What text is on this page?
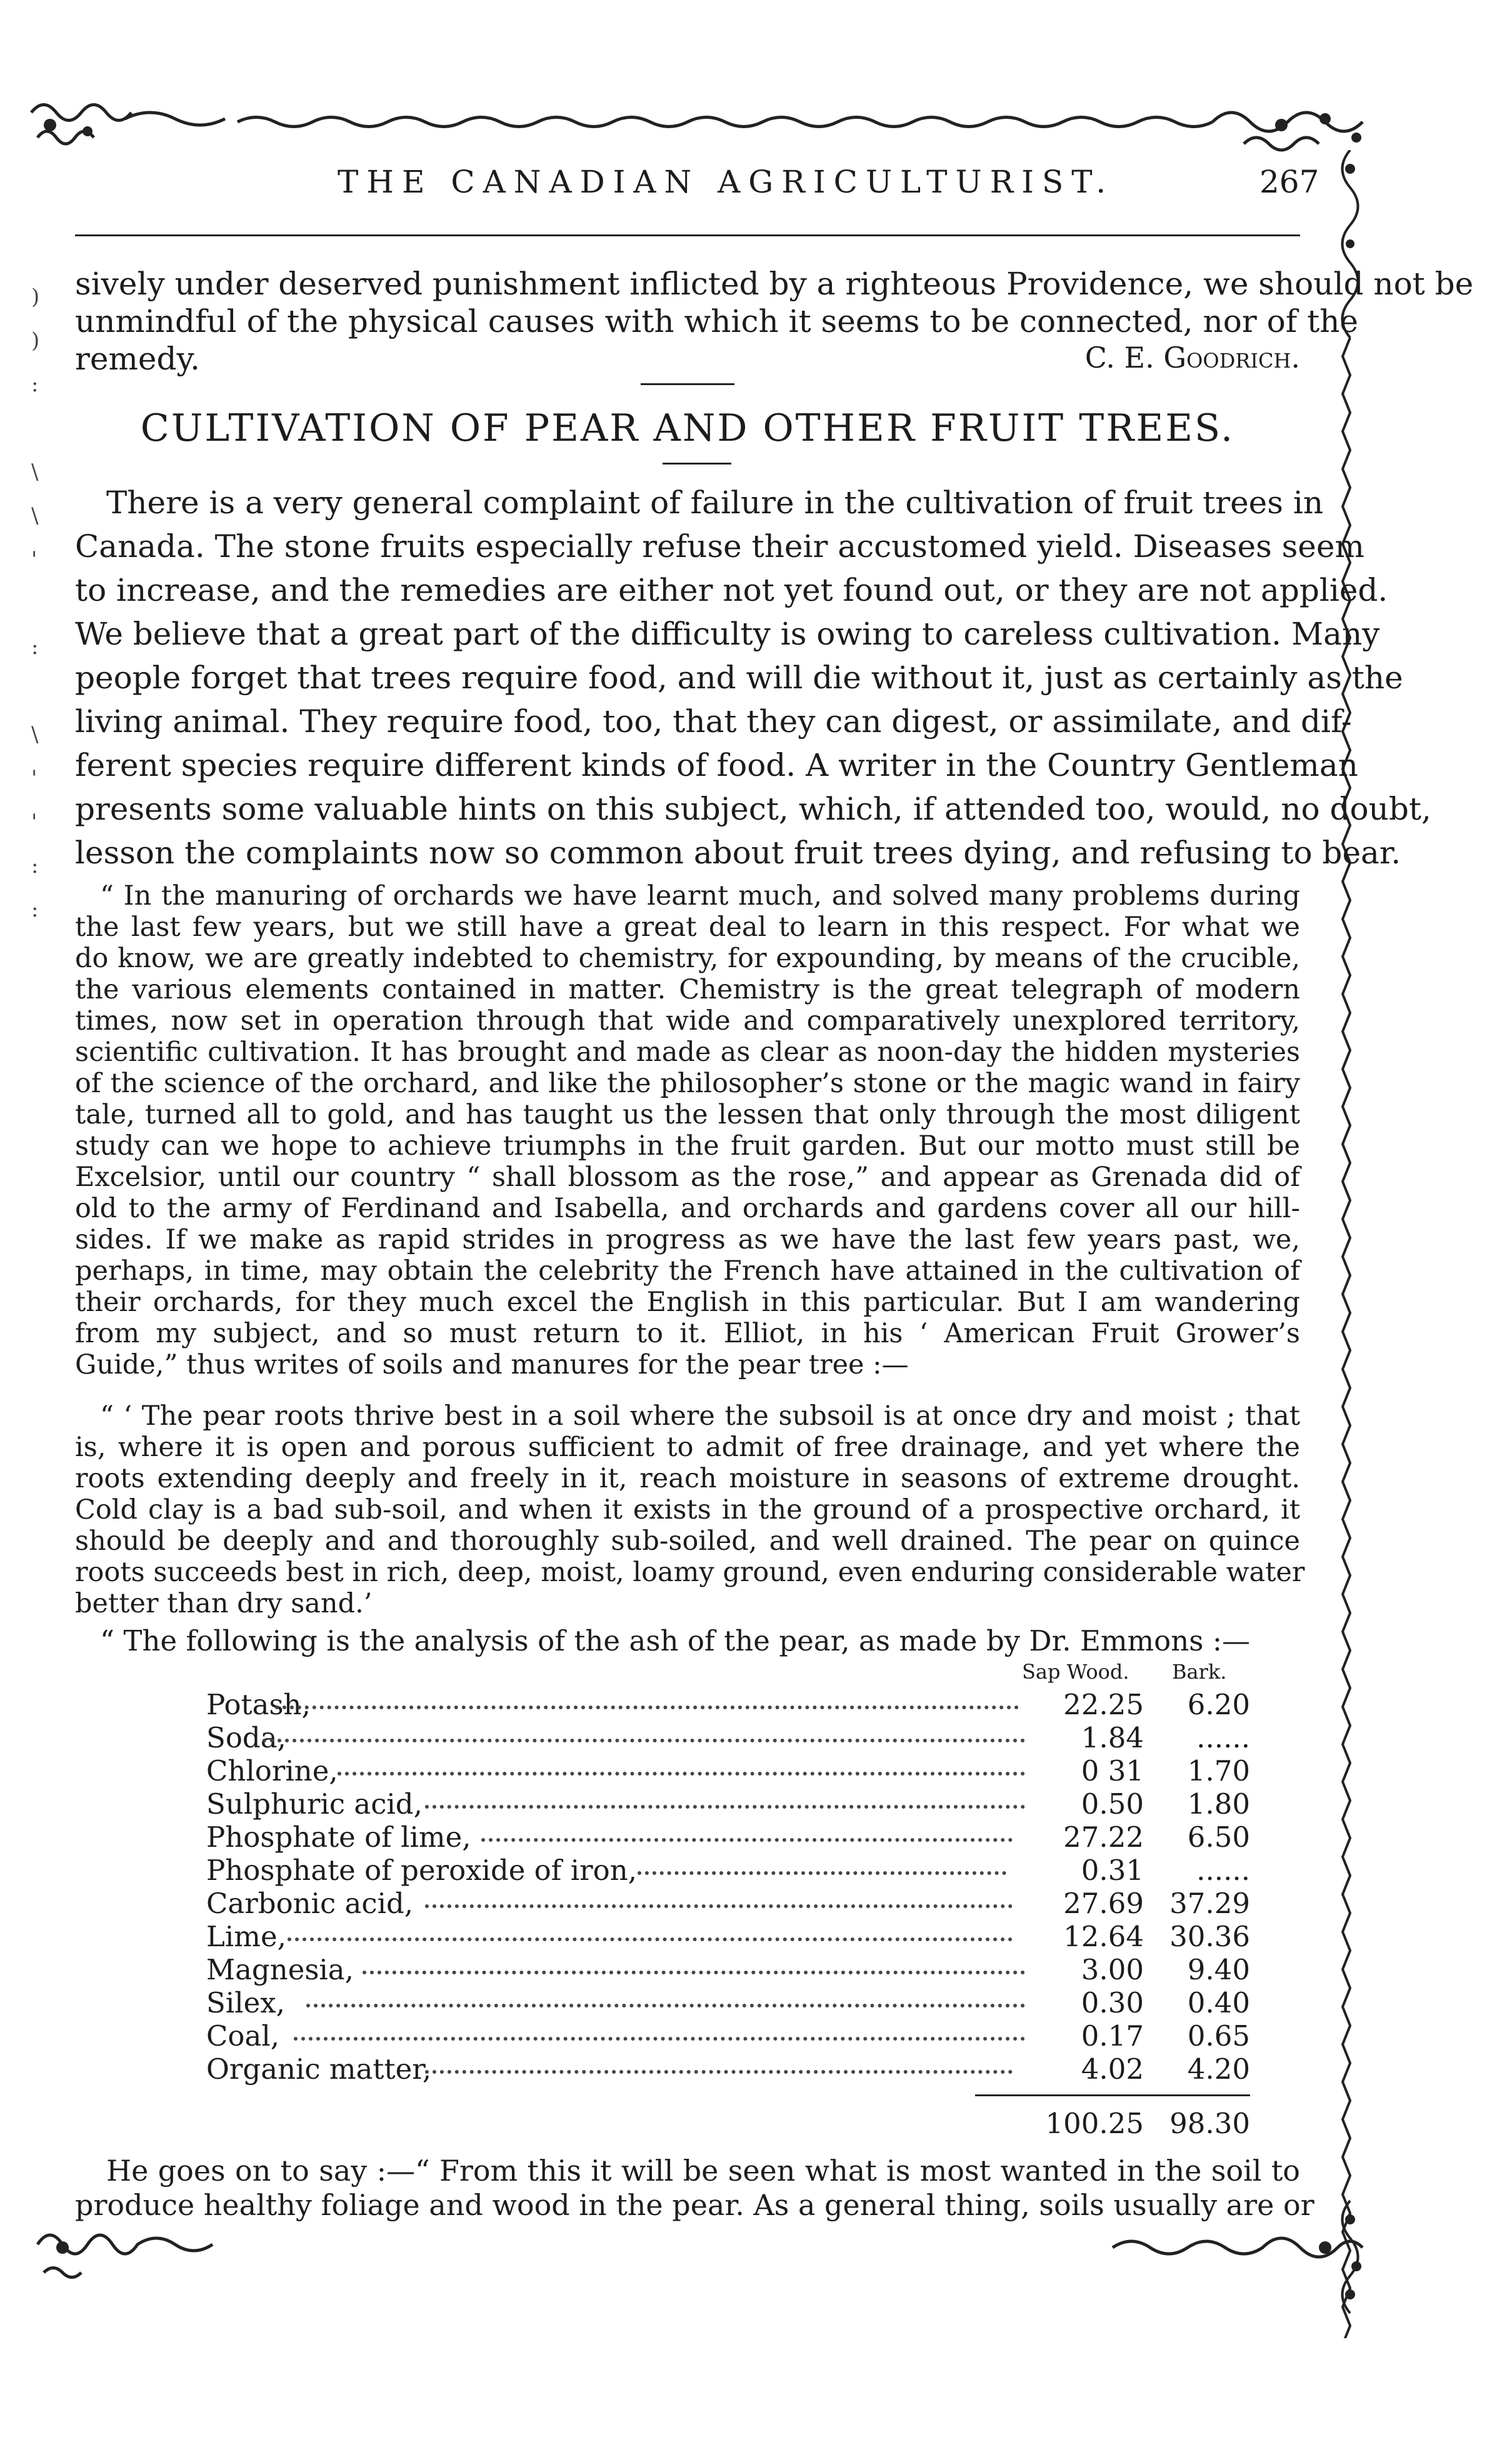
)
)
:

\
\
'

:

\
'
'
:
:
THE CANADIAN AGRICULTURIST.	267
sively under deserved punishment inflicted by a righteous Providence, we should not be
unmindful of the physical causes with which it seems to be connected, nor of the
remedy.	C. E. Goodrich.
CULTIVATION OF PEAR AND OTHER FRUIT TREES.
There is a very general complaint of failure in the cultivation of fruit trees in
Canada. The stone fruits especially refuse their accustomed yield. Diseases seem
to increase, and the remedies are either not yet found out, or they are not applied.
We believe that a great part of the difficulty is owing to careless cultivation. Many
people forget that trees require food, and will die without it, just as certainly as the
living animal. They require food, too, that they can digest, or assimilate, and dif-
ferent species require different kinds of food. A writer in the Country Gentleman
presents some valuable hints on this subject, which, if attended too, would, no doubt,
lesson the complaints now so common about fruit trees dying, and refusing to bear.
“ In the manuring of orchards we have learnt much, and solved many problems during
the last few years, but we still have a great deal to learn in this respect. For what we
do know, we are greatly indebted to chemistry, for expounding, by means of the crucible,
the various elements contained in matter. Chemistry is the great telegraph of modern
times, now set in operation through that wide and comparatively unexplored territory,
scientific cultivation. It has brought and made as clear as noon-day the hidden mysteries
of the science of the orchard, and like the philosopher’s stone or the magic wand in fairy
tale, turned all to gold, and has taught us the lessen that only through the most diligent
study can we hope to achieve triumphs in the fruit garden. But our motto must still be
Excelsior, until our country “ shall blossom as the rose,” and appear as Grenada did of
old to the army of Ferdinand and Isabella, and orchards and gardens cover all our hill-
sides. If we make as rapid strides in progress as we have the last few years past, we,
perhaps, in time, may obtain the celebrity the French have attained in the cultivation of
their orchards, for they much excel the English in this particular. But I am wandering
from my subject, and so must return to it. Elliot, in his ‘ American Fruit Grower’s
Guide,” thus writes of soils and manures for the pear tree :—
“ ‘ The pear roots thrive best in a soil where the subsoil is at once dry and moist ; that
is, where it is open and porous sufficient to admit of free drainage, and yet where the
roots extending deeply and freely in it, reach moisture in seasons of extreme drought.
Cold clay is a bad sub-soil, and when it exists in the ground of a prospective orchard, it
should be deeply and and thoroughly sub-soiled, and well drained. The pear on quince
roots succeeds best in rich, deep, moist, loamy ground, even enduring considerable water
better than dry sand.’
“ The following is the analysis of the ash of the pear, as made by Dr. Emmons :—
Sap Wood. Bark.
Potash,	22.25	6.20
Soda,	1.84	......
Chlorine,	0 31	1.70
Sulphuric acid,	0.50	1.80
Phosphate of lime,	27.22	6.50
Phosphate of peroxide of iron,	0.31	......
Carbonic acid,	27.69 37.29
Lime,	12.64 30.36
Magnesia,	3.00	9.40
Silex,	0.30	0.40
Coal,	0.17	0.65
Organic matter,	4.02	4.20
100.25 98.30
He goes on to say :—“ From this it will be seen what is most wanted in the soil to
produce healthy foliage and wood in the pear. As a general thing, soils usually are or
